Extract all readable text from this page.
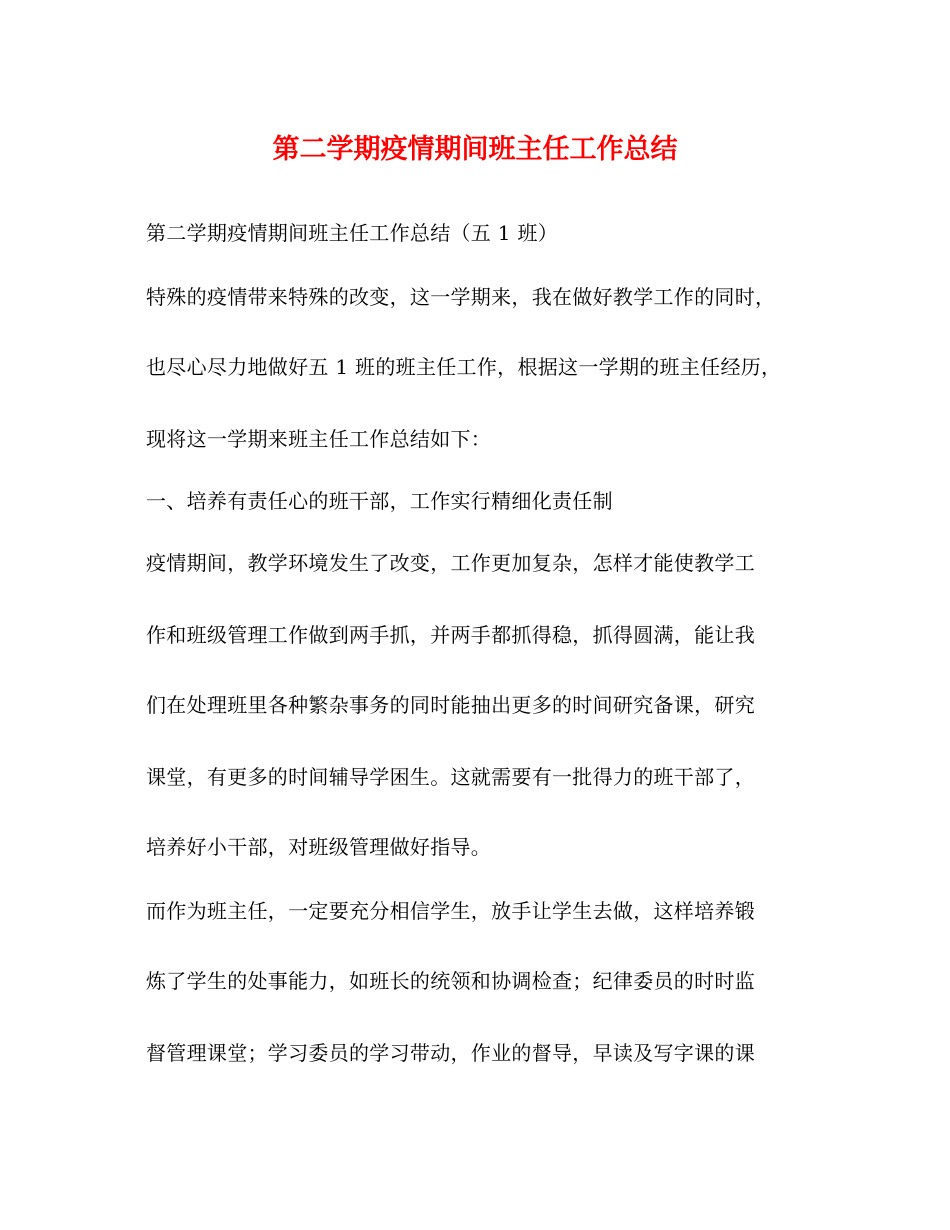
第二学期疫情期间班主任工作总结
第二学期疫情期间班主任工作总结（五 1 班）
特殊的疫情带来特殊的改变，这一学期来，我在做好教学工作的同时，
也尽心尽力地做好五 1 班的班主任工作，根据这一学期的班主任经历，
现将这一学期来班主任工作总结如下：
一、培养有责任心的班干部，工作实行精细化责任制
疫情期间，教学环境发生了改变，工作更加复杂，怎样才能使教学工
作和班级管理工作做到两手抓，并两手都抓得稳，抓得圆满，能让我
们在处理班里各种繁杂事务的同时能抽出更多的时间研究备课，研究
课堂，有更多的时间辅导学困生。这就需要有一批得力的班干部了，
培养好小干部，对班级管理做好指导。
而作为班主任，一定要充分相信学生，放手让学生去做，这样培养锻
炼了学生的处事能力，如班长的统领和协调检查；纪律委员的时时监
督管理课堂；学习委员的学习带动，作业的督导，早读及写字课的课
